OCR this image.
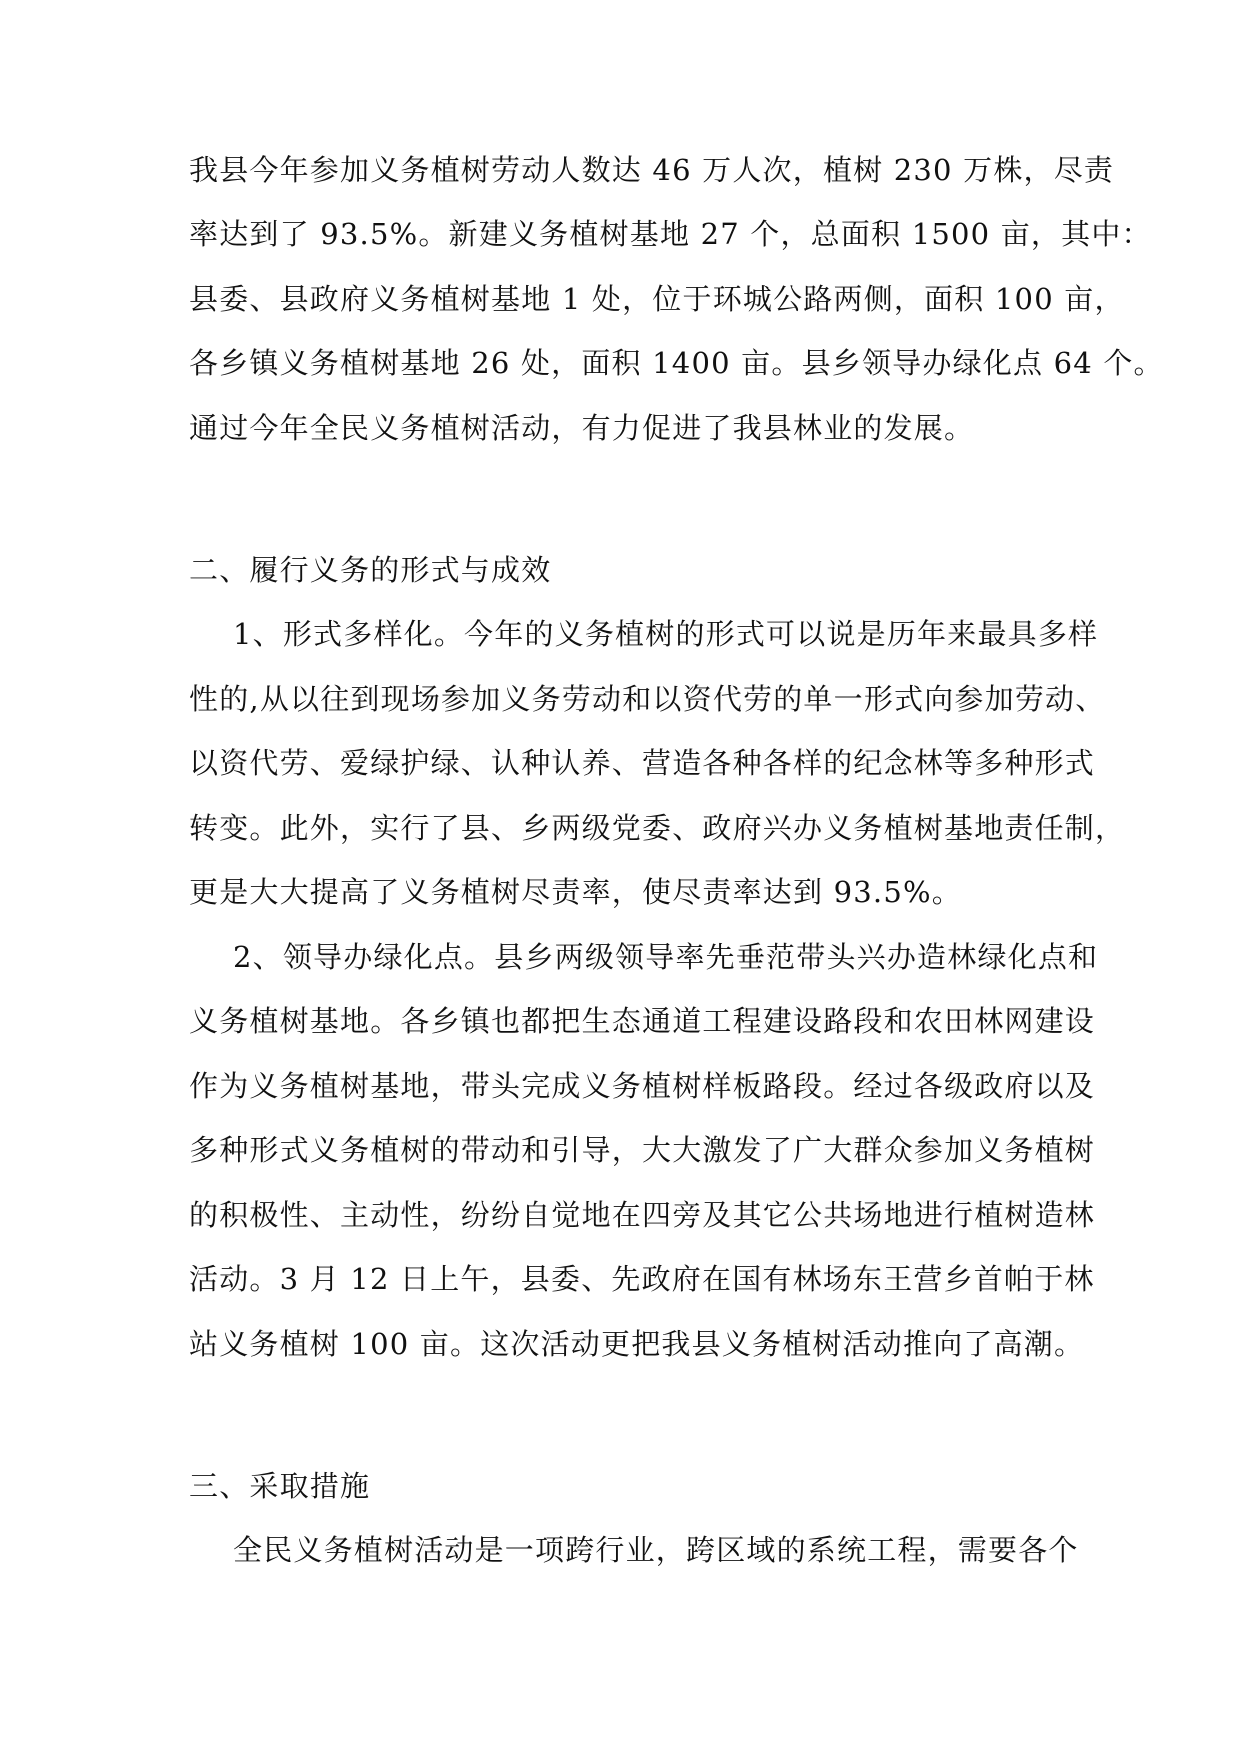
我县今年参加义务植树劳动人数达 46 万人次，植树 230 万株，尽责
率达到了 93.5%。新建义务植树基地 27 个，总面积 1500 亩，其中：
县委、县政府义务植树基地 1 处，位于环城公路两侧，面积 100 亩，
各乡镇义务植树基地 26 处，面积 1400 亩。县乡领导办绿化点 64 个。
通过今年全民义务植树活动，有力促进了我县林业的发展。
二、履行义务的形式与成效
1、形式多样化。今年的义务植树的形式可以说是历年来最具多样
性的,从以往到现场参加义务劳动和以资代劳的单一形式向参加劳动、
以资代劳、爱绿护绿、认种认养、营造各种各样的纪念林等多种形式
转变。此外，实行了县、乡两级党委、政府兴办义务植树基地责任制，
更是大大提高了义务植树尽责率，使尽责率达到 93.5%。
2、领导办绿化点。县乡两级领导率先垂范带头兴办造林绿化点和
义务植树基地。各乡镇也都把生态通道工程建设路段和农田林网建设
作为义务植树基地，带头完成义务植树样板路段。经过各级政府以及
多种形式义务植树的带动和引导，大大激发了广大群众参加义务植树
的积极性、主动性，纷纷自觉地在四旁及其它公共场地进行植树造林
活动。3 月 12 日上午，县委、先政府在国有林场东王营乡首帕于林
站义务植树 100 亩。这次活动更把我县义务植树活动推向了高潮。
三、采取措施
全民义务植树活动是一项跨行业，跨区域的系统工程，需要各个
